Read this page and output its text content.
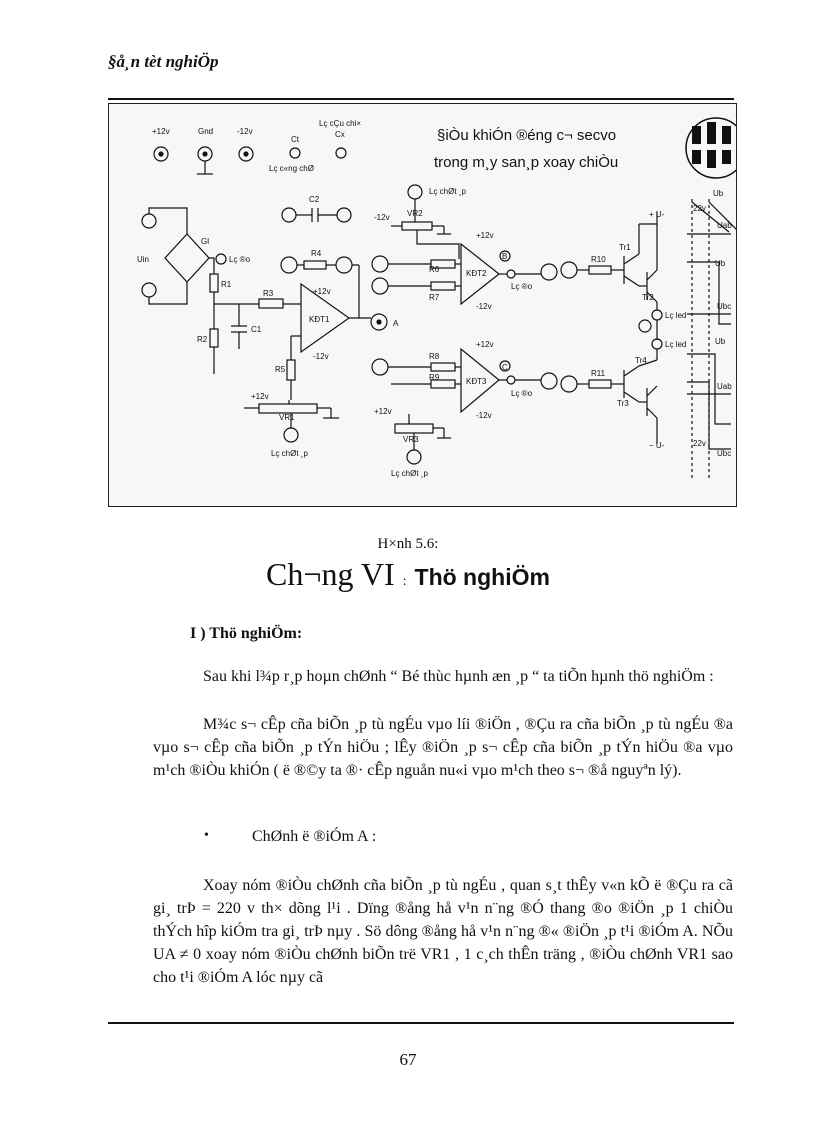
§å¸n tèt nghiÖp
+12v	Gnd	-12v
Ct
Cx
Lç cÇu chi×
Lç c«ng chØ
Lç chØt ¸p
Uin
Gl
Lç ®o
R1
R2
R3
R4
R5
C1
C2
KĐT1
+12v
-12v
A
+12v
VR1
Lç chØt ¸p
-12v VR2
R6
R7
KĐT2
+12v
-12v
B
Lç ®o
R8
R9	KĐT3
+12v
-12v
C
Lç ®o
+12v
VR3
Lç chØt ¸p
R10
R11
Tr1
Tr2
Tr4
Tr3
Lç led
Lç led
+ U-
− U-
Ub
Uab
Ub
Ubc
Ub
Uab
Ubc
22v
22v
§iÒu khiÓn ®éng c¬ secvo
trong m¸y san¸p xoay chiÒu
H×nh 5.6:
Ch¬ng VI : Thö nghiÖm
I ) Thö nghiÖm:
Sau khi l¾p r¸p hoµn chØnh “ Bé thùc hµnh æn ¸p “ ta tiÕn hµnh thö nghiÖm :
M¾c s¬ cÊp cña biÕn ¸p tù ngÉu vµo líi ®iÖn , ®Çu ra cña biÕn ¸p tù ngÉu ®a vµo s¬ cÊp cña biÕn ¸p tÝn hiÖu ; lÊy ®iÖn ¸p s¬ cÊp cña biÕn ¸p tÝn hiÖu ®a vµo m¹ch ®iÒu khiÓn ( ë ®©y ta ®· cÊp nguån nu«i vµo m¹ch theo s¬ ®å nguyªn lý).
•	ChØnh ë ®iÓm A :
Xoay nóm ®iÒu chØnh cña biÕn ¸p tù ngÉu , quan s¸t thÊy v«n kÕ ë ®Çu ra cã gi¸ trÞ = 220 v th× dõng l¹i . Dïng ®ång hå v¹n n¨ng ®Ó thang ®o ®iÖn ¸p 1 chiÒu thÝch hîp kiÓm tra gi¸ trÞ nµy . Sö dông ®ång hå v¹n n¨ng ®« ®iÖn ¸p t¹i ®iÓm A. NÕu UA ≠ 0 xoay nóm ®iÒu chØnh biÕn trë VR1 , 1 c¸ch thÊn träng , ®iÒu chØnh VR1 sao cho t¹i ®iÓm A lóc nµy cã
67
